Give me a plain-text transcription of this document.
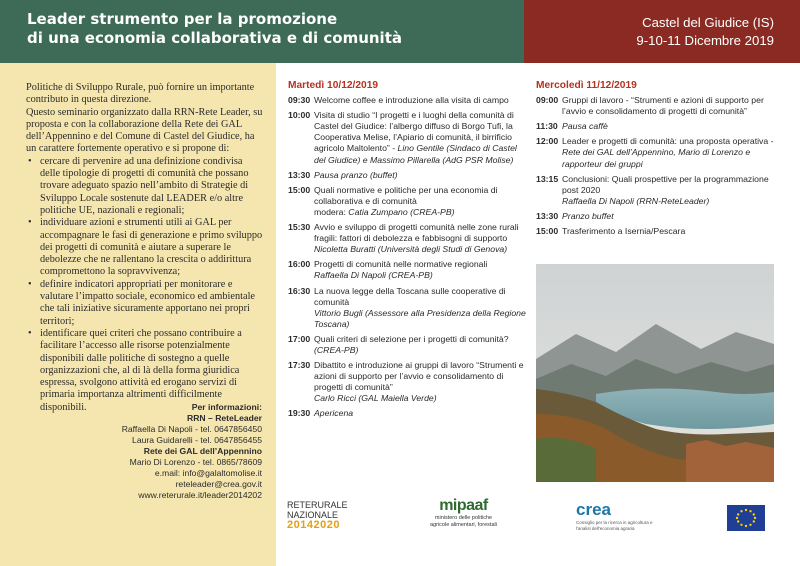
Leader strumento per la promozione
di una economia collaborativa e di comunità
Castel del Giudice (IS)
9-10-11 Dicembre 2019
Politiche di Sviluppo Rurale, può fornire un importante contributo in questa direzione.
Questo seminario organizzato dalla RRN-Rete Leader, su proposta e con la collaborazione della Rete dei GAL dell’Appennino e del Comune di Castel del Giudice, ha un carattere fortemente operativo e si propone di:
• cercare di pervenire ad una definizione condivisa delle tipologie di progetti di comunità che possano trovare adeguato spazio nell’ambito di Strategie di Sviluppo Locale sostenute dal LEADER e/o altre politiche UE, nazionali e regionali;
• individuare azioni e strumenti utili ai GAL per accompagnare le fasi di generazione e primo sviluppo dei progetti di comunità e aiutare a superare le debolezze che ne rallentano la crescita o addirittura compromettono la sopravvivenza;
• definire indicatori appropriati per monitorare e valutare l’impatto sociale, economico ed ambientale che tali iniziative sicuramente apportano nei propri territori;
• identificare quei criteri che possano contribuire a facilitare l’accesso alle risorse potenzialmente disponibili dalle politiche di sostegno a quelle organizzazioni che, al di là della forma giuridica espressa, svolgono attività ed erogano servizi di primaria importanza altrimenti difficilmente disponibili.	Per informazioni:
RRN – ReteLeader
Raffaella Di Napoli - tel. 0647856450
Laura Guidarelli - tel. 0647856455
Rete dei GAL dell’Appennino
Mario Di Lorenzo - tel. 0865/78609
e.mail: info@galaltomolise.it
reteleader@crea.gov.it
www.reterurale.it/leader2014202
Martedì 10/12/2019
09:30 Welcome coffee e introduzione alla visita di campo
10:00 Visita di studio “I progetti e i luoghi della comunità di Castel del Giudice: l’albergo diffuso di Borgo Tufi, la Cooperativa Melise, l’Apiario di comunità, il birrificio agricolo Maltolento” - Lino Gentile (Sindaco di Castel del Giudice) e Massimo Pillarella (AdG PSR Molise)
13:30 Pausa pranzo (buffet)
15:00 Quali normative e politiche per una economia di collaborativa e di comunità
modera: Catia Zumpano (CREA-PB)
15:30 Avvio e sviluppo di progetti comunità nelle zone rurali fragili: fattori di debolezza e fabbisogni di supporto
Nicoletta Buratti (Università degli Studi di Genova)
16:00 Progetti di comunità nelle normative regionali
Raffaella Di Napoli (CREA-PB)
16:30 La nuova legge della Toscana sulle cooperative di comunità
Vittorio Bugli (Assessore alla Presidenza della Regione Toscana)
17:00 Quali criteri di selezione per i progetti di comunità?
(CREA-PB)
17:30 Dibattito e introduzione ai gruppi di lavoro “Strumenti e azioni di supporto per l’avvio e consolidamento di progetti di comunità”
Carlo Ricci (GAL Maiella Verde)
19:30 Apericena
Mercoledì 11/12/2019
09:00 Gruppi di lavoro - “Strumenti e azioni di supporto per l’avvio e consolidamento di progetti di comunità”
11:30 Pausa caffè
12:00 Leader e progetti di comunità: una proposta operativa - Rete dei GAL dell’Appennino, Mario di Lorenzo e rapporteur dei gruppi
13:15 Conclusioni: Quali prospettive per la programmazione post 2020
Raffaella Di Napoli (RRN-ReteLeader)
13:30 Pranzo buffet
15:00 Trasferimento a Isernia/Pescara
RETERURALE
NAZIONALE
20142020
mipaaf
ministero delle politiche
agricole alimentari, forestali
crea
Consiglio per la ricerca in agricoltura e l'analisi dell'economia agraria
